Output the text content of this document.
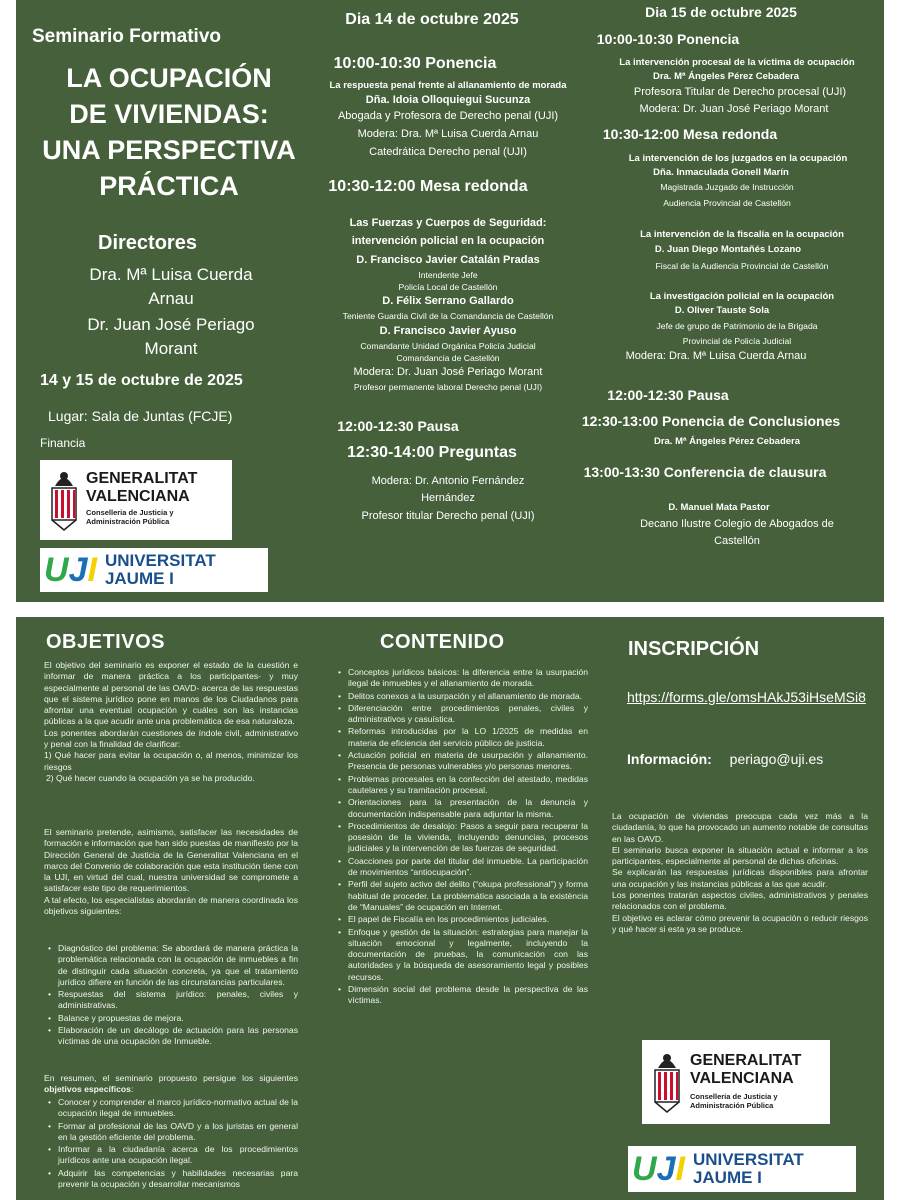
Seminario Formativo
LA OCUPACIÓN
DE VIVIENDAS:
UNA PERSPECTIVA
PRÁCTICA
Directores
Dra. Mª Luisa Cuerda
Arnau
Dr. Juan José Periago
Morant
14 y 15 de octubre de 2025
Lugar: Sala de Juntas (FCJE)
Financia
GENERALITAT
VALENCIANA
Conselleria de Justicia y
Administración Pública
U J I UNIVERSITAT
JAUME I
Dia 14 de octubre 2025
10:00-10:30 Ponencia
La respuesta penal frente al allanamiento de morada
Dña. Idoia Olloquiegui Sucunza
Abogada y Profesora de Derecho penal (UJI)
Modera: Dra. Mª Luisa Cuerda Arnau
Catedrática Derecho penal (UJI)
10:30-12:00 Mesa redonda
Las Fuerzas y Cuerpos de Seguridad:
intervención policial en la ocupación
D. Francisco Javier Catalán Pradas
Intendente Jefe
Policía Local de Castellón
D. Félix Serrano Gallardo
Teniente Guardia Civil de la Comandancia de Castellón
D. Francisco Javier Ayuso
Comandante Unidad Orgánica Policía Judicial
Comandancia de Castellón
Modera: Dr. Juan José Periago Morant
Profesor permanente laboral Derecho penal (UJI)
12:00-12:30 Pausa
12:30-14:00 Preguntas
Modera: Dr. Antonio Fernández
Hernández
Profesor titular Derecho penal (UJI)
Dia 15 de octubre 2025
10:00-10:30 Ponencia
La intervención procesal de la víctima de ocupación
Dra. Mª Ángeles Pérez Cebadera
Profesora Titular de Derecho procesal (UJI)
Modera: Dr. Juan José Periago Morant
10:30-12:00 Mesa redonda
La intervención de los juzgados en la ocupación
Dña. Inmaculada Gonell Marín
Magistrada Juzgado de Instrucción
Audiencia Provincial de Castellón
La intervención de la fiscalía en la ocupación
D. Juan Diego Montañés Lozano
Fiscal de la Audiencia Provincial de Castellón
La investigación policial en la ocupación
D. Oliver Tauste Sola
Jefe de grupo de Patrimonio de la Brigada
Provincial de Policía Judicial
Modera: Dra. Mª Luisa Cuerda Arnau
12:00-12:30 Pausa
12:30-13:00 Ponencia de Conclusiones
Dra. Mª Ángeles Pérez Cebadera
13:00-13:30 Conferencia de clausura
D. Manuel Mata Pastor
Decano Ilustre Colegio de Abogados de
Castellón
OBJETIVOS

El objetivo del seminario es exponer el estado de la cuestión e informar de manera práctica a los participantes- y muy especialmente al personal de las OAVD- acerca de las respuestas que el sistema jurídico pone en manos de los Ciudadanos para afrontar una eventual ocupación y cuáles son las instancias públicas a la que acudir ante una problemática de esa naturaleza.

Los ponentes abordarán cuestiones de índole civil, administrativo y penal con la finalidad de clarificar:

1) Qué hacer para evitar la ocupación o, al menos, minimizar los riesgos

2) Qué hacer cuando la ocupación ya se ha producido.

El seminario pretende, asimismo, satisfacer las necesidades de formación e información que han sido puestas de manifiesto por la Dirección General de Justicia de la Generalitat Valenciana en el marco del Convenio de colaboración que esta institución tiene con la UJI, en virtud del cual, nuestra universidad se compromete a satisfacer este tipo de requerimientos.

A tal efecto, los especialistas abordarán de manera coordinada los objetivos siguientes:

• Diagnóstico del problema: Se abordará de manera práctica la problemática relacionada con la ocupación de inmuebles a fin de distinguir cada situación concreta, ya que el tratamiento jurídico difiere en función de las circunstancias particulares.
• Respuestas del sistema jurídico: penales, civiles y administrativas.
• Balance y propuestas de mejora.
• Elaboración de un decálogo de actuación para las personas víctimas de una ocupación de Inmueble.
En resumen, el seminario propuesto persigue los siguientes objetivos específicos:
• Conocer y comprender el marco jurídico-normativo actual de la ocupación ilegal de inmuebles.
• Formar al profesional de las OAVD y a los juristas en general en la gestión eficiente del problema.
• Informar a la ciudadanía acerca de los procedimientos jurídicos ante una ocupación ilegal.
• Adquirir las competencias y habilidades necesarias para prevenir la ocupación y desarrollar mecanismos
CONTENIDO
• Conceptos jurídicos básicos: la diferencia entre la usurpación ilegal de inmuebles y el allanamiento de morada.
• Delitos conexos a la usurpación y el allanamiento de morada.
• Diferenciación entre procedimientos penales, civiles y administrativos y casuística.
• Reformas introducidas por la LO 1/2025 de medidas en materia de eficiencia del servicio público de justicia.
• Actuación policial en materia de usurpación y allanamiento. Presencia de personas vulnerables y/o personas menores.
• Problemas procesales en la confección del atestado, medidas cautelares y su tramitación procesal.
• Orientaciones para la presentación de la denuncia y documentación indispensable para adjuntar la misma.
• Procedimientos de desalojo: Pasos a seguir para recuperar la posesión de la vivienda, incluyendo denuncias, procesos judiciales y la intervención de las fuerzas de seguridad.
• Coacciones por parte del titular del inmueble. La participación de movimientos “antiocupación”.
• Perfil del sujeto activo del delito (“okupa professional”) y forma habitual de proceder. La problemática asociada a la existència de “Manuales” de ocupación en Internet.
• El papel de Fiscalía en los procedimientos judiciales.
• Enfoque y gestión de la situación: estrategias para manejar la situación emocional y legalmente, incluyendo la documentación de pruebas, la comunicación con las autoridades y la búsqueda de asesoramiento legal y posibles recursos.
• Dimensión social del problema desde la perspectiva de las víctimas.
INSCRIPCIÓN
https://forms.gle/omsHAkJ53iHseMSi8
Información: periago@uji.es

La ocupación de viviendas preocupa cada vez más a la ciudadanía, lo que ha provocado un aumento notable de consultas en las OAVD.

El seminario busca exponer la situación actual e informar a los participantes, especialmente al personal de dichas oficinas.

Se explicarán las respuestas jurídicas disponibles para afrontar una ocupación y las instancias públicas a las que acudir.

Los ponentes tratarán aspectos civiles, administrativos y penales relacionados con el problema.

El objetivo es aclarar cómo prevenir la ocupación o reducir riesgos y qué hacer si esta ya se produce.

GENERALITAT
VALENCIANA
Conselleria de Justicia y
Administración Pública
U J I UNIVERSITAT
JAUME I
